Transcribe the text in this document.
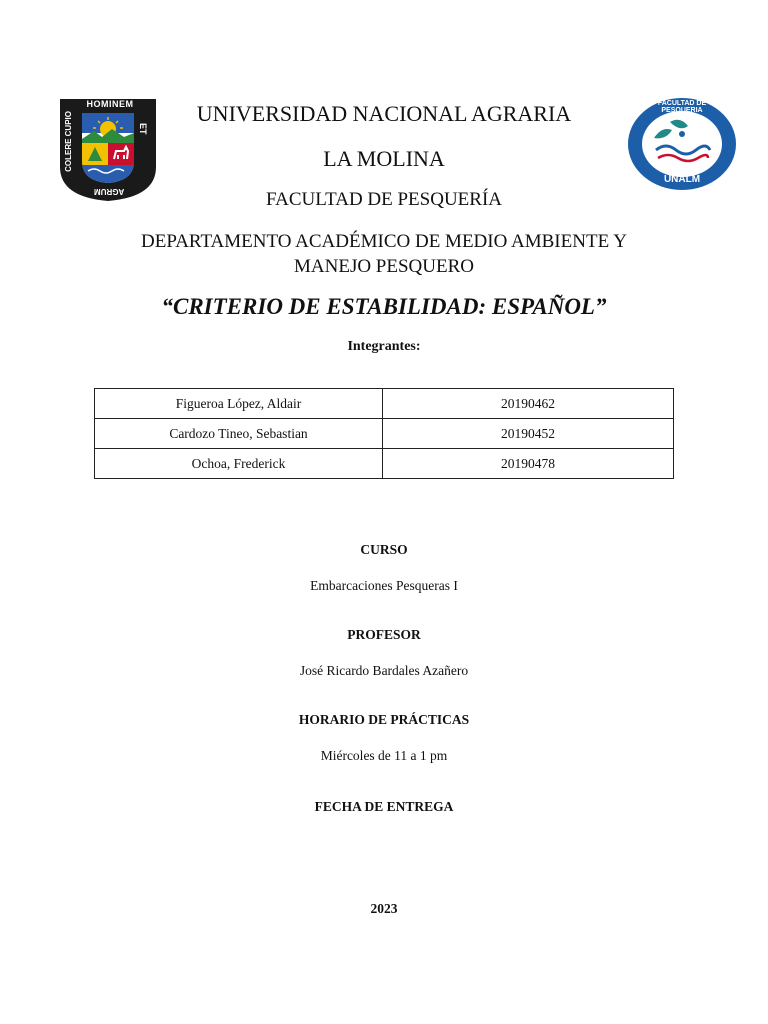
HOMINEM
ET
COLERE CUPIO
AGRUM
FACULTAD DE PESQUERIA
UNALM
UNIVERSIDAD NACIONAL AGRARIA
LA MOLINA
FACULTAD DE PESQUERÍA
DEPARTAMENTO ACADÉMICO DE MEDIO AMBIENTE Y MANEJO PESQUERO
“CRITERIO DE ESTABILIDAD: ESPAÑOL”
Integrantes:
Figueroa López, Aldair	20190462
Cardozo Tineo, Sebastian	20190452
Ochoa, Frederick	20190478
CURSO
Embarcaciones Pesqueras I
PROFESOR
José Ricardo Bardales Azañero
HORARIO DE PRÁCTICAS
Miércoles de 11 a 1 pm
FECHA DE ENTREGA
2023
